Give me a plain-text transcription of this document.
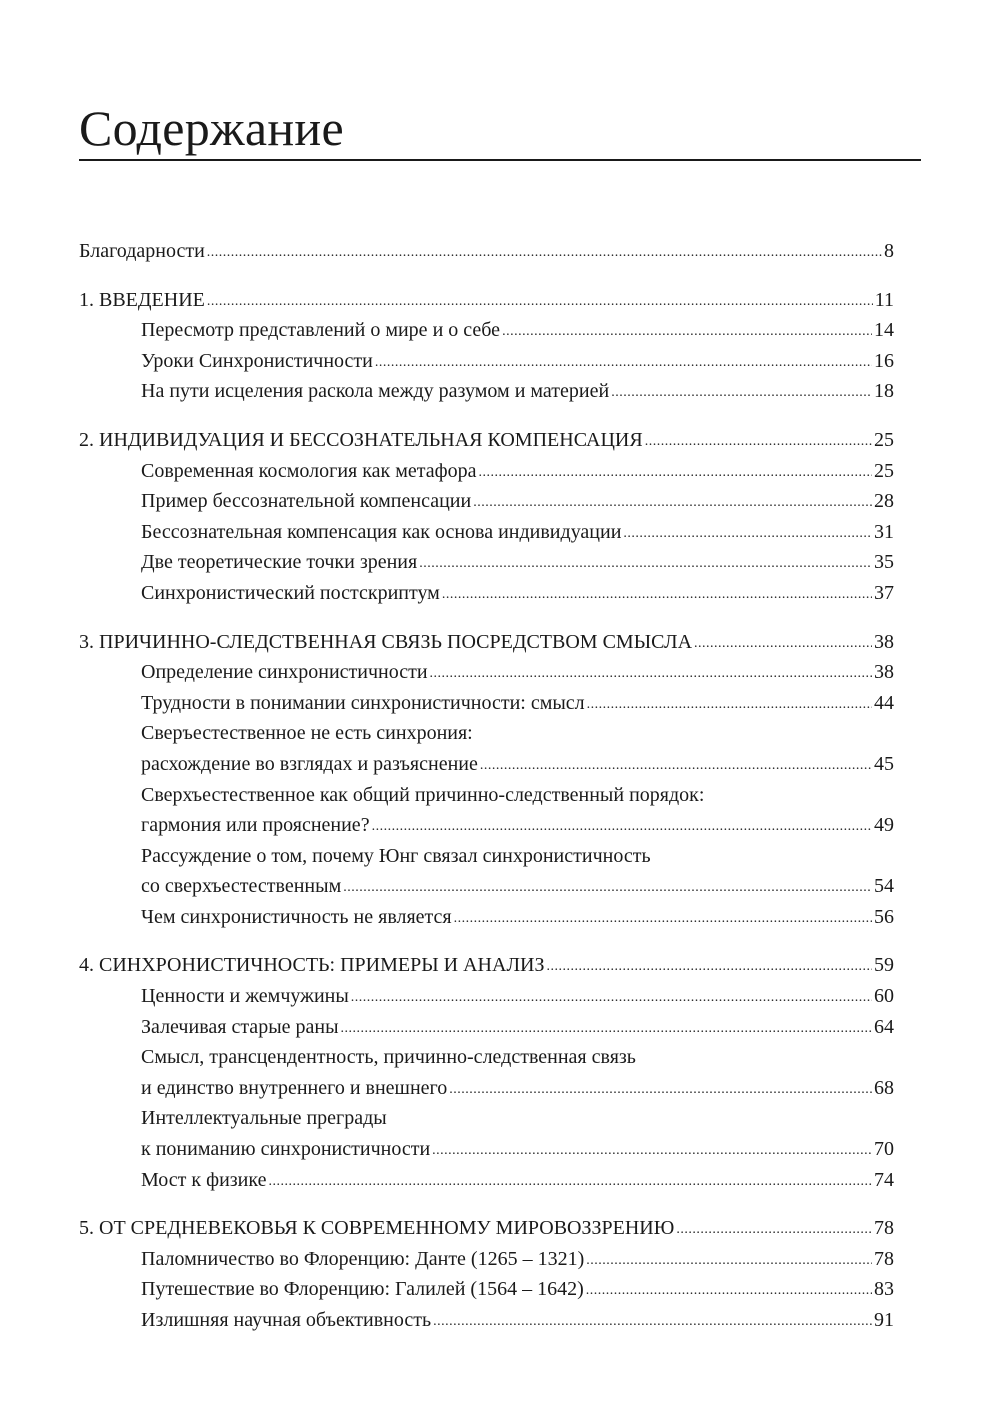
Содержание
Благодарности .....	8
1. ВВЕДЕНИЕ .....	11
Пересмотр представлений о мире и о себе .....	14
Уроки Синхронистичности .....	16
На пути исцеления раскола между разумом и материей .....	18
2. ИНДИВИДУАЦИЯ И БЕССОЗНАТЕЛЬНАЯ КОМПЕНСАЦИЯ .....	25
Современная космология как метафора .....	25
Пример бессознательной компенсации .....	28
Бессознательная компенсация как основа индивидуации .....	31
Две теоретические точки зрения .....	35
Синхронистический постскриптум .....	37
3. ПРИЧИННО-СЛЕДСТВЕННАЯ СВЯЗЬ ПОСРЕДСТВОМ СМЫСЛА .....	38
Определение синхронистичности .....	38
Трудности в понимании синхронистичности: смысл .....	44
Сверъестественное не есть синхрония:
расхождение во взглядах и разъяснение .....	45
Сверхъестественное как общий причинно-следственный порядок:
гармония или прояснение? .....	49
Рассуждение о том, почему Юнг связал синхронистичность
со сверхъестественным .....	54
Чем синхронистичность не является .....	56
4. СИНХРОНИСТИЧНОСТЬ: ПРИМЕРЫ И АНАЛИЗ .....	59
Ценности и жемчужины .....	60
Залечивая старые раны .....	64
Смысл, трансцендентность, причинно-следственная связь
и единство внутреннего и внешнего .....	68
Интеллектуальные преграды
к пониманию синхронистичности .....	70
Мост к физике .....	74
5. ОТ СРЕДНЕВЕКОВЬЯ К СОВРЕМЕННОМУ МИРОВОЗЗРЕНИЮ .....	78
Паломничество во Флоренцию: Данте (1265 – 1321) .....	78
Путешествие во Флоренцию: Галилей (1564 – 1642) .....	83
Излишняя научная объективность .....	91
